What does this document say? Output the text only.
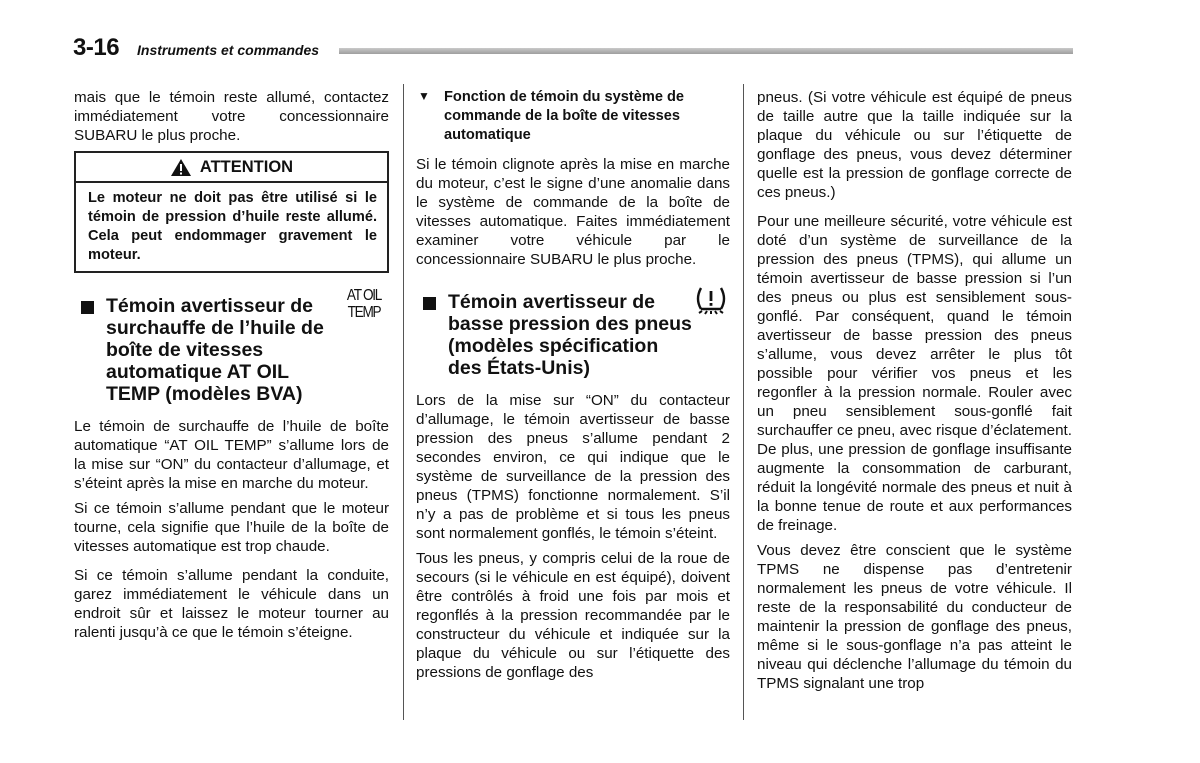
3-16 Instruments et commandes

mais que le témoin reste allumé, contactez immédiatement votre concessionnaire SUBARU le plus proche.

ATTENTION
Le moteur ne doit pas être utilisé si le témoin de pression d’huile reste allumé. Cela peut endommager gravement le moteur.
Témoin avertisseur de surchauffe de l’huile de boîte de vitesses automatique AT OIL TEMP (modèles BVA)
AT OIL
TEMP

Le témoin de surchauffe de l’huile de boîte automatique “AT OIL TEMP” s’allume lors de la mise sur “ON” du contacteur d’allumage, et s’éteint après la mise en marche du moteur.

Si ce témoin s’allume pendant que le moteur tourne, cela signifie que l’huile de la boîte de vitesses automatique est trop chaude.

Si ce témoin s’allume pendant la conduite, garez immédiatement le véhicule dans un endroit sûr et laissez le moteur tourner au ralenti jusqu’à ce que le témoin s’éteigne.

▼ Fonction de témoin du système de commande de la boîte de vitesses automatique

Si le témoin clignote après la mise en marche du moteur, c’est le signe d’une anomalie dans le système de commande de la boîte de vitesses automatique. Faites immédiatement examiner votre véhicule par le concessionnaire SUBARU le plus proche.

Témoin avertisseur de basse pression des pneus (modèles spécification des États-Unis)

Lors de la mise sur “ON” du contacteur d’allumage, le témoin avertisseur de basse pression des pneus s’allume pendant 2 secondes environ, ce qui indique que le système de surveillance de la pression des pneus (TPMS) fonctionne normalement. S’il n’y a pas de problème et si tous les pneus sont normalement gonflés, le témoin s’éteint.

Tous les pneus, y compris celui de la roue de secours (si le véhicule en est équipé), doivent être contrôlés à froid une fois par mois et regonflés à la pression recommandée par le constructeur du véhicule et indiquée sur la plaque du véhicule ou sur l’étiquette des pressions de gonflage des

pneus. (Si votre véhicule est équipé de pneus de taille autre que la taille indiquée sur la plaque du véhicule ou sur l’étiquette de gonflage des pneus, vous devez déterminer quelle est la pression de gonflage correcte de ces pneus.)

Pour une meilleure sécurité, votre véhicule est doté d’un système de surveillance de la pression des pneus (TPMS), qui allume un témoin avertisseur de basse pression si l’un des pneus ou plus est sensiblement sous-gonflé. Par conséquent, quand le témoin avertisseur de basse pression des pneus s’allume, vous devez arrêter le plus tôt possible pour vérifier vos pneus et les regonfler à la pression normale. Rouler avec un pneu sensiblement sous-gonflé fait surchauffer ce pneu, avec risque d’éclatement. De plus, une pression de gonflage insuffisante augmente la consommation de carburant, réduit la longévité normale des pneus et nuit à la bonne tenue de route et aux performances de freinage.

Vous devez être conscient que le système TPMS ne dispense pas d’entretenir normalement les pneus de votre véhicule. Il reste de la responsabilité du conducteur de maintenir la pression de gonflage des pneus, même si le sous-gonflage n’a pas atteint le niveau qui déclenche l’allumage du témoin du TPMS signalant une trop
